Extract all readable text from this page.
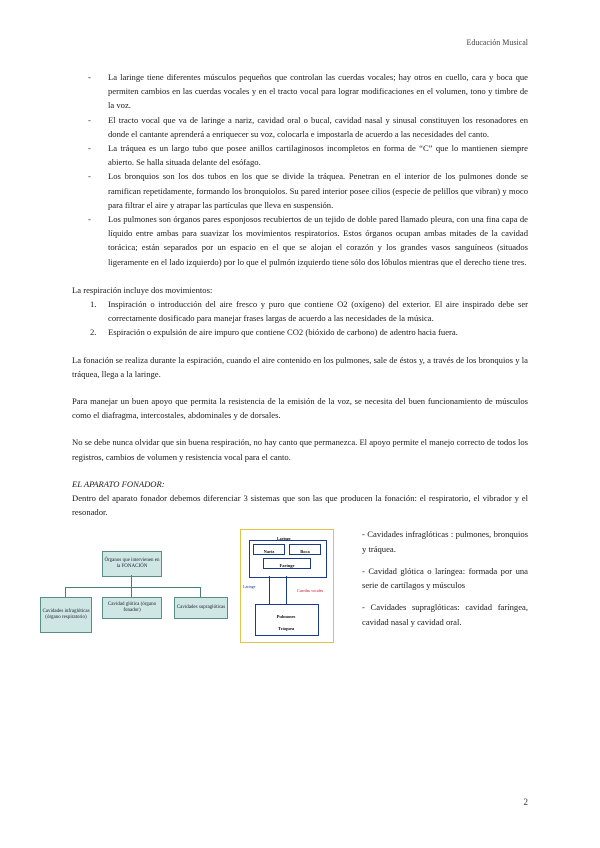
Educación Musical
- La laringe tiene diferentes músculos pequeños que controlan las cuerdas vocales; hay otros en cuello, cara y boca que permiten cambios en las cuerdas vocales y en el tracto vocal para lograr modificaciones en el volumen, tono y timbre de la voz.
- El tracto vocal que va de laringe a nariz, cavidad oral o bucal, cavidad nasal y sinusal constituyen los resonadores en donde el cantante aprenderá a enriquecer su voz, colocarla e impostarla de acuerdo a las necesidades del canto.
- La tráquea es un largo tubo que posee anillos cartilaginosos incompletos en forma de “C” que lo mantienen siempre abierto. Se halla situada delante del esófago.
- Los bronquios son los dos tubos en los que se divide la tráquea. Penetran en el interior de los pulmones donde se ramifican repetidamente, formando los bronquiolos. Su pared interior posee cilios (especie de pelillos que vibran) y moco para filtrar el aire y atrapar las partículas que lleva en suspensión.
- Los pulmones son órganos pares esponjosos recubiertos de un tejido de doble pared llamado pleura, con una fina capa de líquido entre ambas para suavizar los movimientos respiratorios. Estos órganos ocupan ambas mitades de la cavidad torácica; están separados por un espacio en el que se alojan el corazón y los grandes vasos sanguíneos (situados ligeramente en el lado izquierdo) por lo que el pulmón izquierdo tiene sólo dos lóbulos mientras que el derecho tiene tres.

La respiración incluye dos movimientos:

1. Inspiración o introducción del aire fresco y puro que contiene O2 (oxígeno) del exterior. El aire inspirado debe ser correctamente dosificado para manejar frases largas de acuerdo a las necesidades de la música.
2. Espiración o expulsión de aire impuro que contiene CO2 (bióxido de carbono) de adentro hacia fuera.

La fonación se realiza durante la espiración, cuando el aire contenido en los pulmones, sale de éstos y, a través de los bronquios y la tráquea, llega a la laringe.

Para manejar un buen apoyo que permita la resistencia de la emisión de la voz, se necesita del buen funcionamiento de músculos como el diafragma, intercostales, abdominales y de dorsales.

No se debe nunca olvidar que sin buena respiración, no hay canto que permanezca. El apoyo permite el manejo correcto de todos los registros, cambios de volumen y resistencia vocal para el canto.

EL APARATO FONADOR:

Dentro del aparato fonador debemos diferenciar 3 sistemas que son las que producen la fonación: el respiratorio, el vibrador y el resonador.

Órganos que intervienen en la FONACIÓN
Cavidades infraglóticas (órgano respiratorio)
Cavidad glótica (órgano fonador)
Cavidades supraglóticas
Laringe
Nariz	Boca
Faringe
Laringe
Cuerdas vocales
Pulmones
Tráquea

- Cavidades infraglóticas : pulmones, bronquios y tráquea.

- Cavidad glótica o laríngea: formada por una serie de cartílagos y músculos

- Cavidades supraglóticas: cavidad faríngea, cavidad nasal y cavidad oral.

2
